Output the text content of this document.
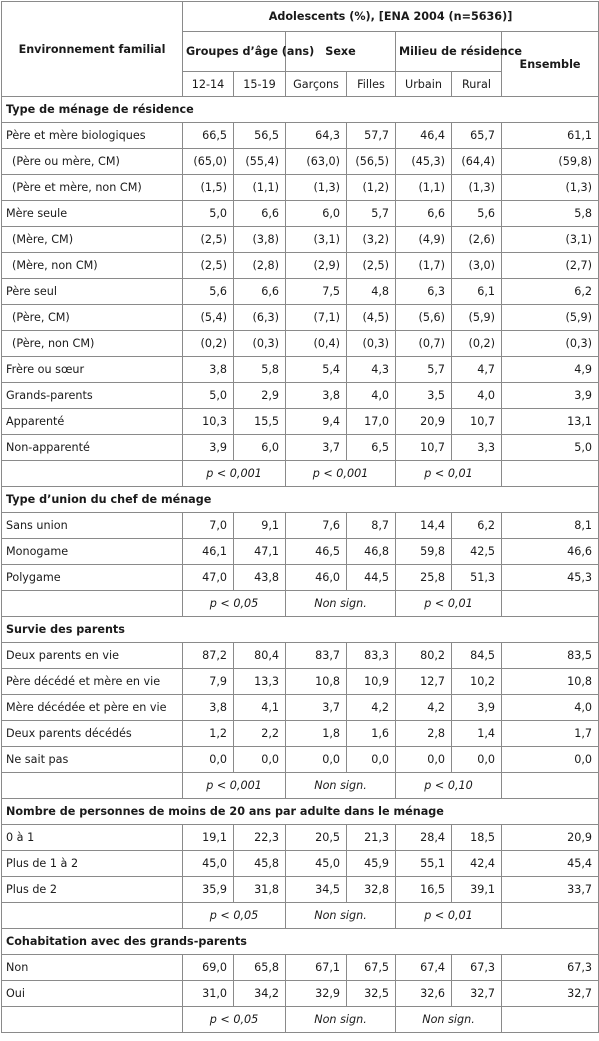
Environnement familial	Adolescents (%), [ENA 2004 (n=5636)]						
	Groupes d’âge (ans)		Sexe		Milieu de résidence		Ensemble
	12-14	15-19	Garçons	Filles	Urbain	Rural	
Type de ménage de résidence							
Père et mère biologiques	66,5	56,5	64,3	57,7	46,4	65,7	61,1
(Père ou mère, CM)	(65,0)	(55,4)	(63,0)	(56,5)	(45,3)	(64,4)	(59,8)
(Père et mère, non CM)	(1,5)	(1,1)	(1,3)	(1,2)	(1,1)	(1,3)	(1,3)
Mère seule	5,0	6,6	6,0	5,7	6,6	5,6	5,8
(Mère, CM)	(2,5)	(3,8)	(3,1)	(3,2)	(4,9)	(2,6)	(3,1)
(Mère, non CM)	(2,5)	(2,8)	(2,9)	(2,5)	(1,7)	(3,0)	(2,7)
Père seul	5,6	6,6	7,5	4,8	6,3	6,1	6,2
(Père, CM)	(5,4)	(6,3)	(7,1)	(4,5)	(5,6)	(5,9)	(5,9)
(Père, non CM)	(0,2)	(0,3)	(0,4)	(0,3)	(0,7)	(0,2)	(0,3)
Frère ou sœur	3,8	5,8	5,4	4,3	5,7	4,7	4,9
Grands-parents	5,0	2,9	3,8	4,0	3,5	4,0	3,9
Apparenté	10,3	15,5	9,4	17,0	20,9	10,7	13,1
Non-apparenté	3,9	6,0	3,7	6,5	10,7	3,3	5,0
	p < 0,001		p < 0,001		p < 0,01		
Type d’union du chef de ménage							
Sans union	7,0	9,1	7,6	8,7	14,4	6,2	8,1
Monogame	46,1	47,1	46,5	46,8	59,8	42,5	46,6
Polygame	47,0	43,8	46,0	44,5	25,8	51,3	45,3
	p < 0,05		Non sign.		p < 0,01		
Survie des parents							
Deux parents en vie	87,2	80,4	83,7	83,3	80,2	84,5	83,5
Père décédé et mère en vie	7,9	13,3	10,8	10,9	12,7	10,2	10,8
Mère décédée et père en vie	3,8	4,1	3,7	4,2	4,2	3,9	4,0
Deux parents décédés	1,2	2,2	1,8	1,6	2,8	1,4	1,7
Ne sait pas	0,0	0,0	0,0	0,0	0,0	0,0	0,0
	p < 0,001		Non sign.		p < 0,10		
Nombre de personnes de moins de 20 ans par adulte dans le ménage							
0 à 1	19,1	22,3	20,5	21,3	28,4	18,5	20,9
Plus de 1 à 2	45,0	45,8	45,0	45,9	55,1	42,4	45,4
Plus de 2	35,9	31,8	34,5	32,8	16,5	39,1	33,7
	p < 0,05		Non sign.		p < 0,01		
Cohabitation avec des grands-parents							
Non	69,0	65,8	67,1	67,5	67,4	67,3	67,3
Oui	31,0	34,2	32,9	32,5	32,6	32,7	32,7
	p < 0,05		Non sign.		Non sign.		
